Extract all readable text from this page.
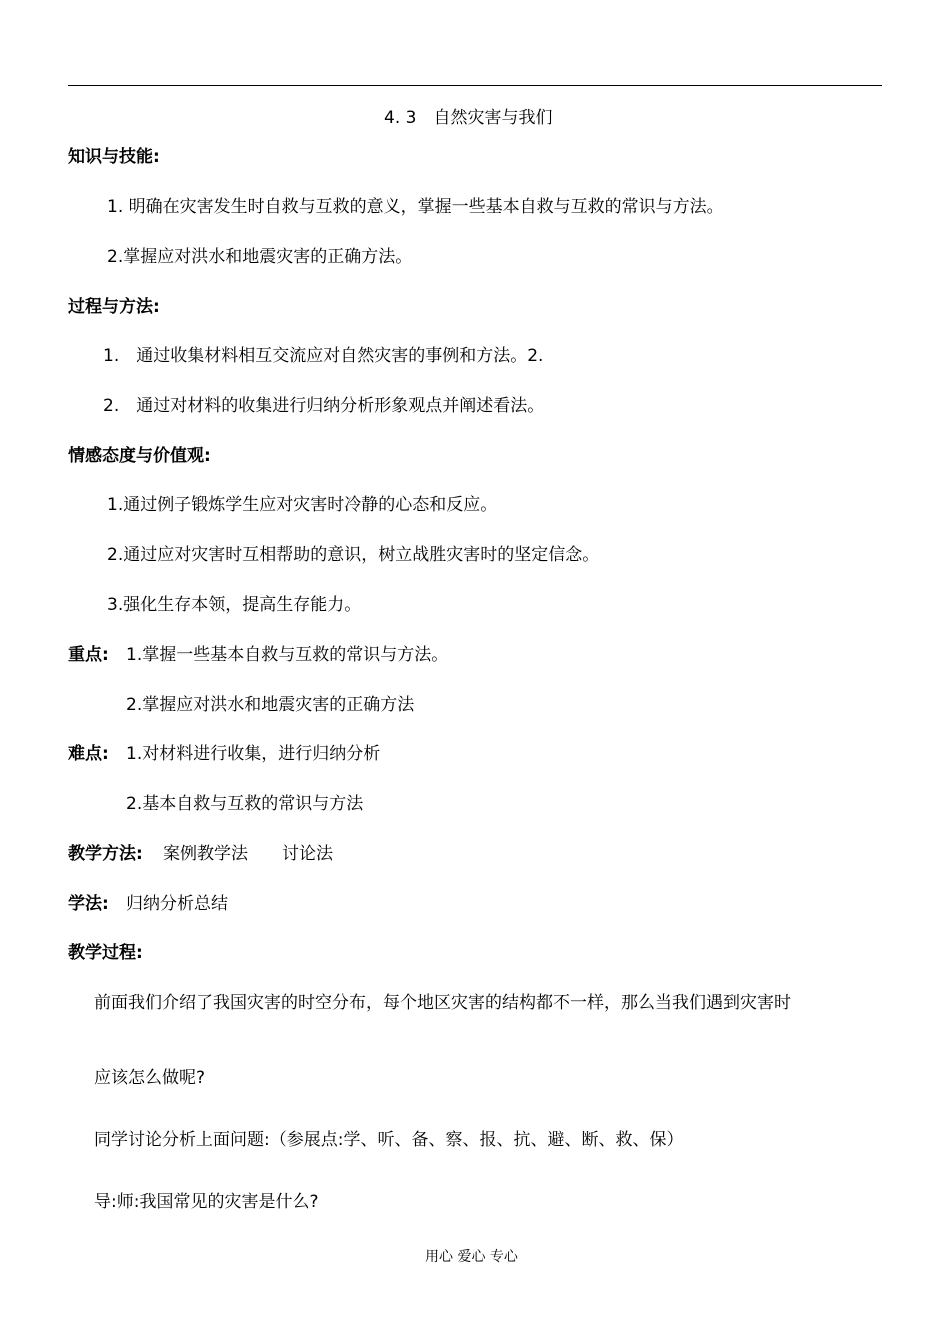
4. 3　自然灾害与我们
知识与技能:
1. 明确在灾害发生时自救与互救的意义，掌握一些基本自救与互救的常识与方法。
2.掌握应对洪水和地震灾害的正确方法。
过程与方法:
1.　通过收集材料相互交流应对自然灾害的事例和方法。2.
2.　通过对材料的收集进行归纳分析形象观点并阐述看法。
情感态度与价值观:
1.通过例子锻炼学生应对灾害时冷静的心态和反应。
2.通过应对灾害时互相帮助的意识，树立战胜灾害时的坚定信念。
3.强化生存本领，提高生存能力。
重点: 1.掌握一些基本自救与互救的常识与方法。
2.掌握应对洪水和地震灾害的正确方法
难点: 1.对材料进行收集，进行归纳分析
2.基本自救与互救的常识与方法
教学方法: 案例教学法　　讨论法
学法: 归纳分析总结
教学过程:
前面我们介绍了我国灾害的时空分布，每个地区灾害的结构都不一样，那么当我们遇到灾害时
应该怎么做呢?
同学讨论分析上面问题:（参展点:学、听、备、察、报、抗、避、断、救、保）
导:师:我国常见的灾害是什么?
用心 爱心 专心
